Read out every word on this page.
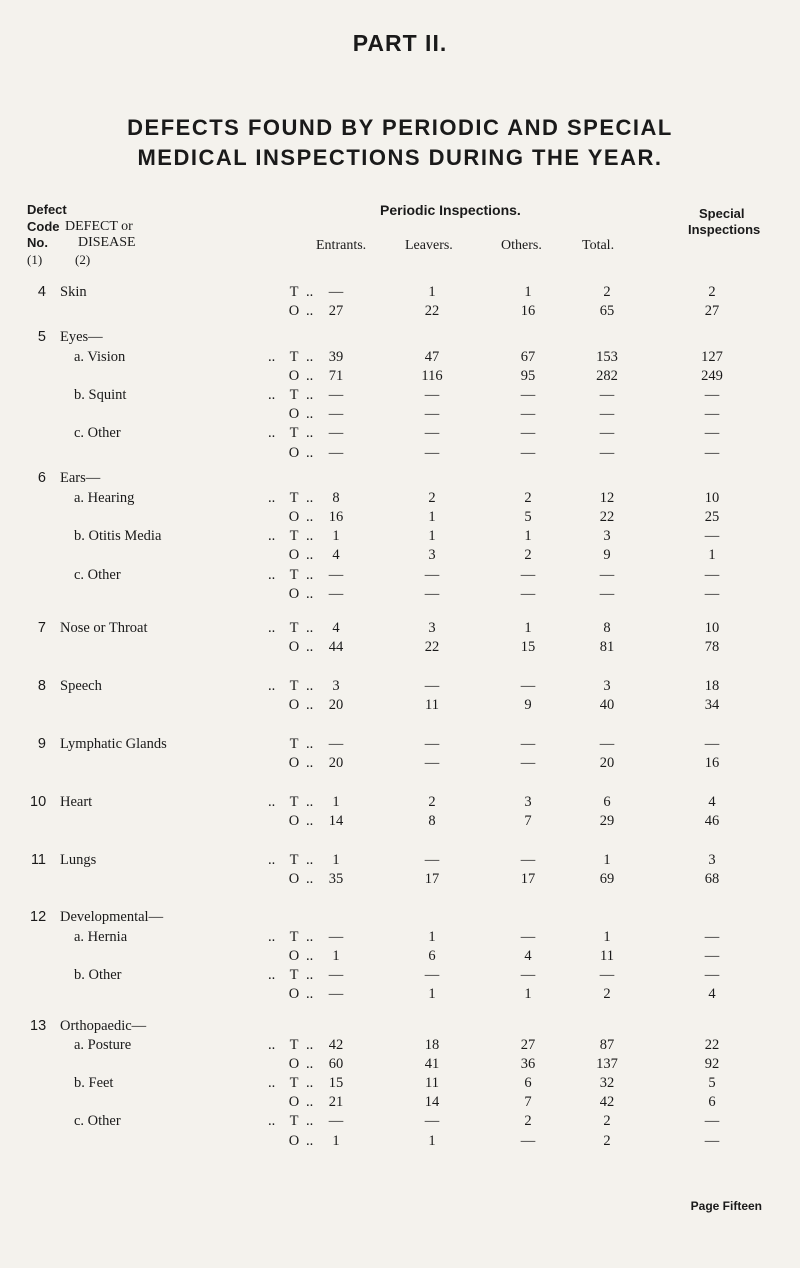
PART II.
DEFECTS FOUND BY PERIODIC AND SPECIAL
MEDICAL INSPECTIONS DURING THE YEAR.
Defect
Code
No.
(1)
DEFECT or
DISEASE
(2)
Periodic Inspections.
Entrants.	Leavers.	Others.	Total.
Special
Inspections
4 Skin	T ..	—	1	1	2	2
O ..	27	22	16	65	27
5 Eyes—
a. Vision	T ..	39	47	67	153	127
..
O ..	71	116	95	282	249
b. Squint	T ..	—	—	—	—	—
..
O ..	—	—	—	—	—
c. Other	T ..	—	—	—	—	—
..
O ..	—	—	—	—	—
6 Ears—
a. Hearing	T ..	8	2	2	12	10
..
O ..	16	1	5	22	25
b. Otitis Media	T ..	1	1	1	3	—
..
O ..	4	3	2	9	1
c. Other	T ..	—	—	—	—	—
..
O ..	—	—	—	—	—
7 Nose or Throat	T ..	4	3	1	8	10
..
O ..	44	22	15	81	78
8 Speech	T ..	3	—	—	3	18
..
O ..	20	11	9	40	34
9 Lymphatic Glands	T ..	—	—	—	—	—
O ..	20	—	—	20	16
10 Heart	T ..	1	2	3	6	4
..
O ..	14	8	7	29	46
11 Lungs	T ..	1	—	—	1	3
..
O ..	35	17	17	69	68
12 Developmental—
a. Hernia	T ..	—	1	—	1	—
..
O ..	1	6	4	11	—
b. Other	T ..	—	—	—	—	—
..
O ..	—	1	1	2	4
13 Orthopaedic—
a. Posture	T ..	42	18	27	87	22
..
O ..	60	41	36	137	92
b. Feet	T ..	15	11	6	32	5
..
O ..	21	14	7	42	6
c. Other	T ..	—	—	2	2	—
..
O ..	1	1	—	2	—
Page Fifteen
